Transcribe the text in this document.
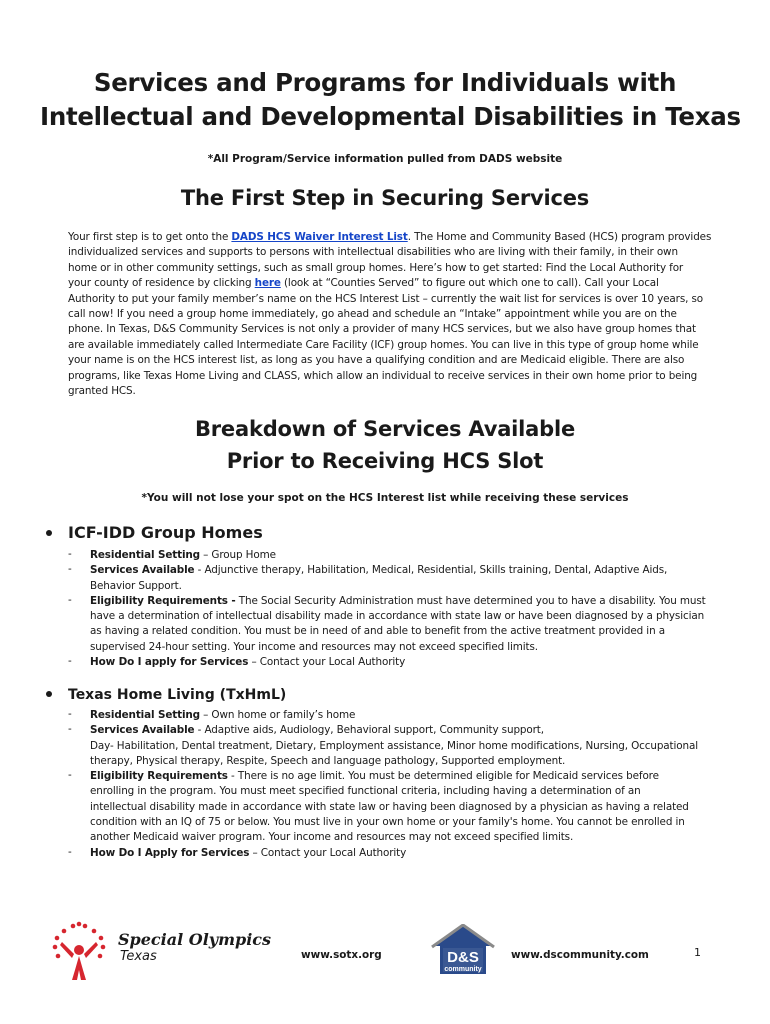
Services and Programs for Individuals with
Intellectual and Developmental Disabilities in Texas
*All Program/Service information pulled from DADS website
The First Step in Securing Services
Your first step is to get onto the DADS HCS Waiver Interest List. The Home and Community Based (HCS) program provides
individualized services and supports to persons with intellectual disabilities who are living with their family, in their own
home or in other community settings, such as small group homes. Here’s how to get started: Find the Local Authority for
your county of residence by clicking here (look at “Counties Served” to figure out which one to call). Call your Local
Authority to put your family member’s name on the HCS Interest List – currently the wait list for services is over 10 years, so
call now! If you need a group home immediately, go ahead and schedule an “Intake” appointment while you are on the
phone. In Texas, D&S Community Services is not only a provider of many HCS services, but we also have group homes that
are available immediately called Intermediate Care Facility (ICF) group homes. You can live in this type of group home while
your name is on the HCS interest list, as long as you have a qualifying condition and are Medicaid eligible. There are also
programs, like Texas Home Living and CLASS, which allow an individual to receive services in their own home prior to being
granted HCS.
Breakdown of Services Available
Prior to Receiving HCS Slot
*You will not lose your spot on the HCS Interest list while receiving these services
ICF-IDD Group Homes
- Residential Setting – Group Home
- Services Available - Adjunctive therapy, Habilitation, Medical, Residential, Skills training, Dental, Adaptive Aids,
Behavior Support.
- Eligibility Requirements - The Social Security Administration must have determined you to have a disability. You must
have a determination of intellectual disability made in accordance with state law or have been diagnosed by a physician
as having a related condition. You must be in need of and able to benefit from the active treatment provided in a
supervised 24-hour setting. Your income and resources may not exceed specified limits.
- How Do I apply for Services – Contact your Local Authority
Texas Home Living (TxHmL)
- Residential Setting – Own home or family’s home
- Services Available - Adaptive aids, Audiology, Behavioral support, Community support,
Day- Habilitation, Dental treatment, Dietary, Employment assistance, Minor home modifications, Nursing, Occupational
therapy, Physical therapy, Respite, Speech and language pathology, Supported employment.
- Eligibility Requirements - There is no age limit. You must be determined eligible for Medicaid services before
enrolling in the program. You must meet specified functional criteria, including having a determination of an
intellectual disability made in accordance with state law or having been diagnosed by a physician as having a related
condition with an IQ of 75 or below. You must live in your own home or your family's home. You cannot be enrolled in
another Medicaid waiver program. Your income and resources may not exceed specified limits.
- How Do I Apply for Services – Contact your Local Authority
Special Olympics
Texas	www.sotx.org	D&S
community
www.dscommunity.com	1
